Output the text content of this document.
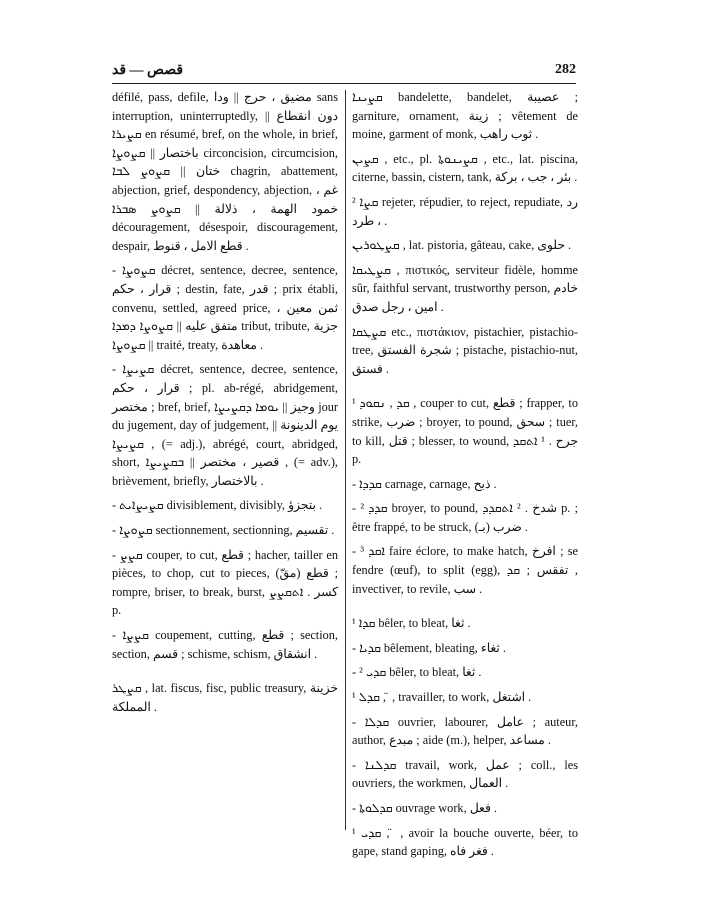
قصص — قد	282

défilé, pass, defile, مضيق ، حرج || ودا sans interruption, uninterruptedly, دون انقطاع || ܩܨܝܪܐ en résumé, bref, on the whole, in brief, باختصار || ܩܨܘܨܐ circoncision, circumcision, ختان || ܩܨܘܨ ܠܒܐ chagrin, abattement, abjection, grief, despondency, abjection, غم ، خمود الهمة ، ذلالة || ܩܨܘܨ ܣܒܪܐ découragement, désespoir, discouragement, despair, قطع الامل ، قنوط .

- ܩܨܘܨܐ décret, sentence, decree, sentence, قرار ، حكم ; destin, fate, قدر ; prix établi, convenu, settled, agreed price, ثمن معين ، متفق عليه || ܩܨܘܨܐ ܕܡܕܐ tribut, tribute, جزية || ܩܨܘܨܐ traité, treaty, معاهدة .

- ܩܨܝܨܐ décret, sentence, decree, sentence, قرار ، حكم ; pl. ab-régé, abridgement, مختصر ; bref, brief, وجيز || ܝܘܡܐ ܕܩܨܝܨܐ jour du jugement, day of judgement, يوم الدينونة || ܩܨܝܨܐ , (= adj.), abrégé, court, abridged, short, قصير ، مختصر || ܒܩܨܝܨܐ , (= adv.), brièvement, briefly, بالاختصار .

- ܩܨܝܨܐܝܬ divisiblement, divisibly, بتجزؤ .

- ܩܨܘܨܐ sectionnement, sectionning, تقسيم .

- ܩܨܨ couper, to cut, قطع ; hacher, tailler en pièces, to chop, cut to pieces, قطع (مقّ) ; rompre, briser, to break, burst, كسر . ܐܬܩܨܨ p.

- ܩܨܨܐ coupement, cutting, قطع ; section, section, قسم ; schisme, schism, انشقاق .

ܩܨܛܪ , lat. fiscus, fisc, public treasury, خزينة المملكة .

ܩܨܝܢܐ bandelette, bandelet, عصيبة ; garniture, ornament, زينة ; vêtement de moine, garment of monk, ثوب راهب .

ܩܨܝܢ , etc., pl. ܩܨܝܢܘܬܐ , etc., lat. piscina, citerne, bassin, cistern, tank, بئر ، جب ، بركة .

² ܩܨܐ rejeter, répudier, to reject, repudiate, رد ، طرد .

ܩܨܛܘܪܝܢ , lat. pistoria, gâteau, cake, حلوى .

ܩܨܛܝܩܐ , πιστικός, serviteur fidèle, homme sûr, faithful servant, trustworthy person, خادم امين ، رجل صدق .

ܩܨܛܩܐ etc., πιστάκιον, pistachier, pistachio-tree, شجرة الفستق ; pistache, pistachio-nut, فستق .

¹ ܩܕ , ܢܩܘܕ , couper to cut, قطع ; frapper, to strike, ضرب ; broyer, to pound, سحق ; tuer, to kill, قتل ; blesser, to wound, جرح . ¹ ܐܬܩܕ p.

- ܩܕܕܐ carnage, carnage, ذبح .

- ² ܩܕܕ broyer, to pound, شدخ . ² ܐܬܩܕܕ p. ; être frappé, to be struck, (بـ) ضرب .

- ³ ܐܩܕ faire éclore, to make hatch, افرخ ; se fendre (œuf), to split (egg), تفقس ; ܩܕ , invectiver, to revile, سب .

¹ ܩܕܐ bêler, to bleat, ثغا .

- ܩܕܝܐ bêlement, bleating, ثغاء .

- ² ܩܕܝ bêler, to bleat, ثغا .

¹ ܩܕܠ , ̈ , travailler, to work, اشتغل .

- ܩܕܠܐ ouvrier, labourer, عامل ; auteur, author, مبدع ; aide (m.), helper, مساعد .

- ܩܕܠܢܐ travail, work, عمل ; coll., les ouvriers, the workmen, العمال .

- ܩܕܠܘܬܐ ouvrage work, فعل .

¹ ܩܕܝ , ̈ , avoir la bouche ouverte, béer, to gape, stand gaping, فغر فاه .
